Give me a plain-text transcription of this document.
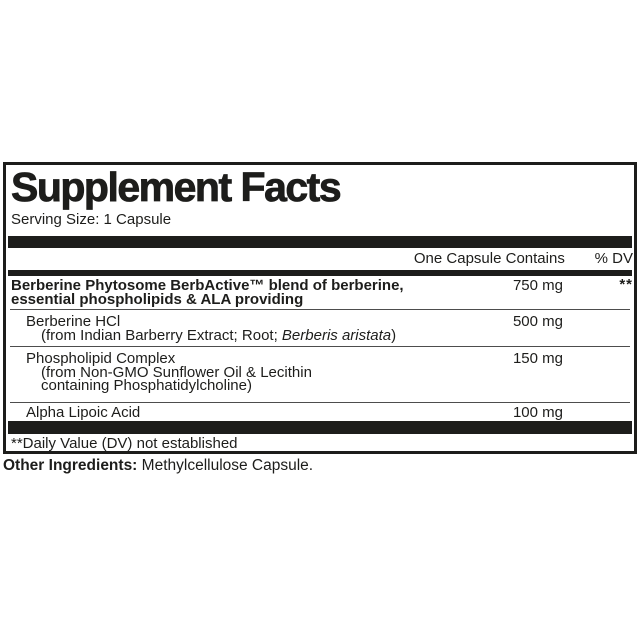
Supplement Facts
Serving Size: 1 Capsule
One Capsule Contains % DV
Berberine Phytosome BerbActive™ blend of berberine,
essential phospholipids & ALA providing
750 mg	**
Berberine HCl
(from Indian Barberry Extract; Root; Berberis aristata)
500 mg
Phospholipid Complex
(from Non-GMO Sunflower Oil & Lecithin
containing Phosphatidylcholine)
150 mg
Alpha Lipoic Acid	100 mg
**Daily Value (DV) not established
Other Ingredients: Methylcellulose Capsule.
